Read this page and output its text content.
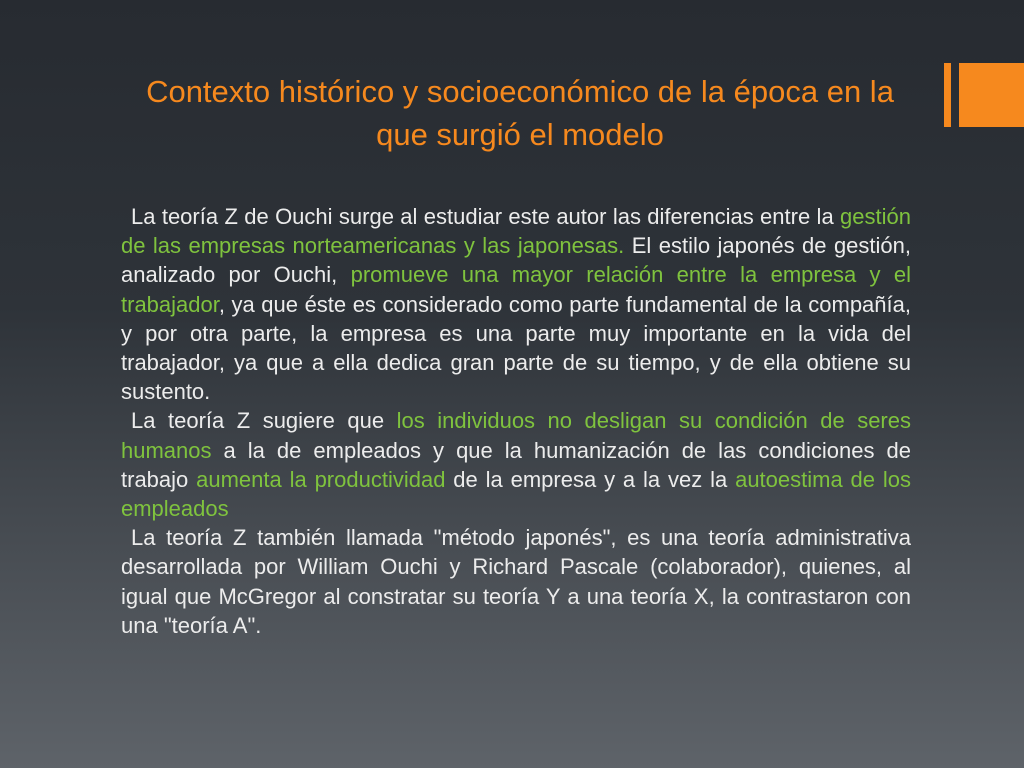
Contexto histórico y socioeconómico de la época en la que surgió el modelo

La teoría Z de Ouchi surge al estudiar este autor las diferencias entre la gestión de las empresas norteamericanas y las japonesas. El estilo japonés de gestión, analizado por Ouchi, promueve una mayor relación entre la empresa y el trabajador, ya que éste es considerado como parte fundamental de la compañía, y por otra parte, la empresa es una parte muy importante en la vida del trabajador, ya que a ella dedica gran parte de su tiempo, y de ella obtiene su sustento.

La teoría Z sugiere que los individuos no desligan su condición de seres humanos a la de empleados y que la humanización de las condiciones de trabajo aumenta la productividad de la empresa y a la vez la autoestima de los empleados

La teoría Z también llamada "método japonés", es una teoría administrativa desarrollada por William Ouchi y Richard Pascale (colaborador), quienes, al igual que McGregor al constratar su teoría Y a una teoría X, la contrastaron con una "teoría A".
